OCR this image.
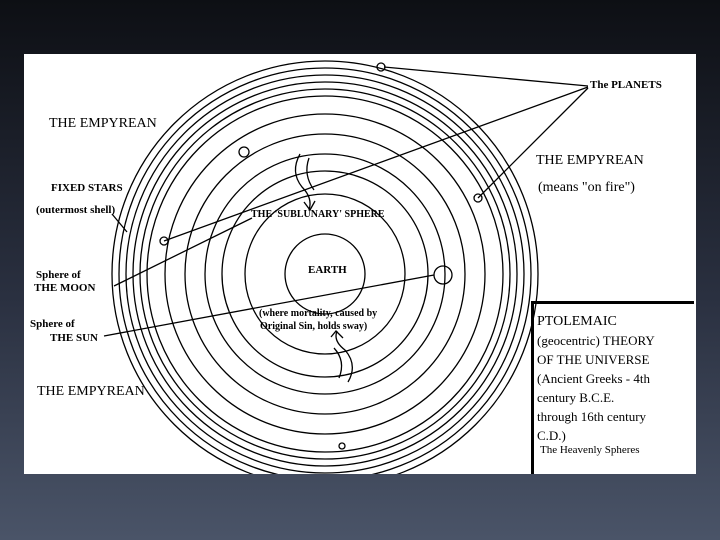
The PLANETS
THE EMPYREAN
THE EMPYREAN
(means "on fire")
FIXED STARS
(outermost shell)	THE 'SUBLUNARY' SPHERE
Sphere of
THE MOON
EARTH
(where mortality, caused by
Original Sin, holds sway)
Sphere of
THE SUN
THE EMPYREAN
PTOLEMAIC
(geocentric) THEORY
OF THE UNIVERSE
(Ancient Greeks - 4th
century B.C.E.
through 16th century
C.D.)
The Heavenly Spheres
